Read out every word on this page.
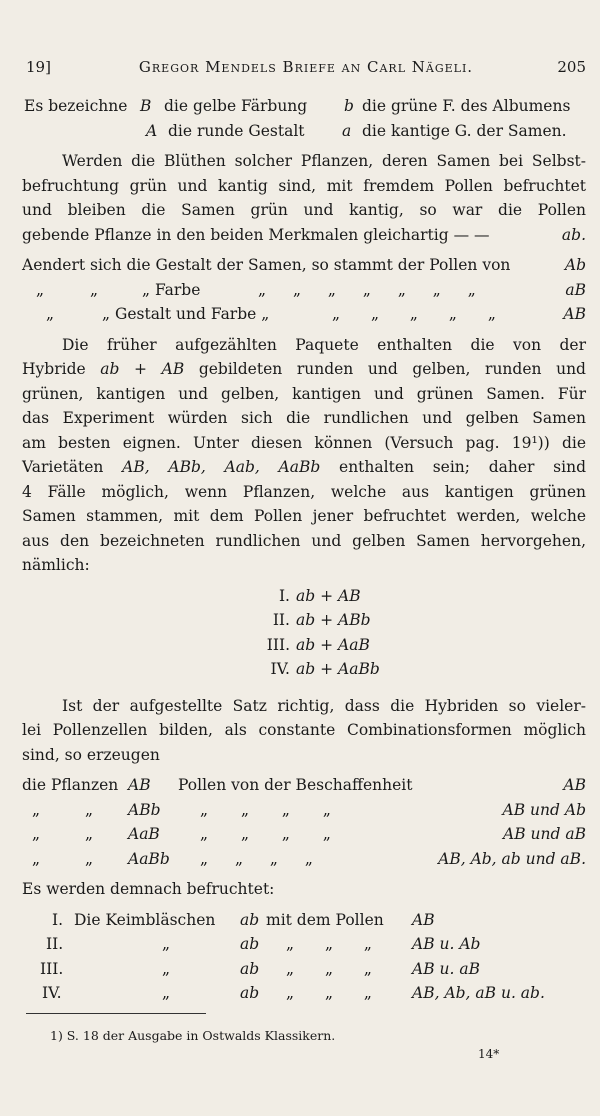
19]	Gregor Mendels Briefe an Carl Nägeli.	205
Es bezeichne B die gelbe Färbung b die grüne F. des Albumens
A die runde Gestalt a die kantige G. der Samen.
Werden die Blüthen solcher Pflanzen, deren Samen bei Selbst-
befruchtung grün und kantig sind, mit fremdem Pollen befruchtet
und bleiben die Samen grün und kantig, so war die Pollen
gebende Pflanze in den beiden Merkmalen gleichartig — —	ab.
Aendert sich die Gestalt der Samen, so stammt der Pollen von	Ab
„	„	„ Farbe	„ „ „ „ „ „ „	aB
„	„ Gestalt und Farbe „	„ „ „ „ „	AB
Die früher aufgezählten Paquete enthalten die von der
Hybride ab + AB gebildeten runden und gelben, runden und
grünen, kantigen und gelben, kantigen und grünen Samen. Für
das Experiment würden sich die rundlichen und gelben Samen
am besten eignen. Unter diesen können (Versuch pag. 19¹)) die
Varietäten AB, ABb, Aab, AaBb enthalten sein; daher sind
4 Fälle möglich, wenn Pflanzen, welche aus kantigen grünen
Samen stammen, mit dem Pollen jener befruchtet werden, welche
aus den bezeichneten rundlichen und gelben Samen hervorgehen,
nämlich:
I. ab + AB
II. ab + ABb
III. ab + AaB
IV. ab + AaBb
Ist der aufgestellte Satz richtig, dass die Hybriden so vieler-
lei Pollenzellen bilden, als constante Combinationsformen möglich
sind, so erzeugen
die Pflanzen AB Pollen von der Beschaffenheit	AB
„ „ ABb	„ „ „ „	AB und Ab
„ „ AaB	„ „ „ „	AB und aB
„ „ AaBb „ „ „ „	AB, Ab, ab und aB.
Es werden demnach befruchtet:
I. Die Keimbläschen ab mit dem Pollen AB
II.	„	ab „ „ „	AB u. Ab
III.	„	ab „ „ „	AB u. aB
IV.	„	ab „ „ „	AB, Ab, aB u. ab.
1) S. 18 der Ausgabe in Ostwalds Klassikern.
14*
